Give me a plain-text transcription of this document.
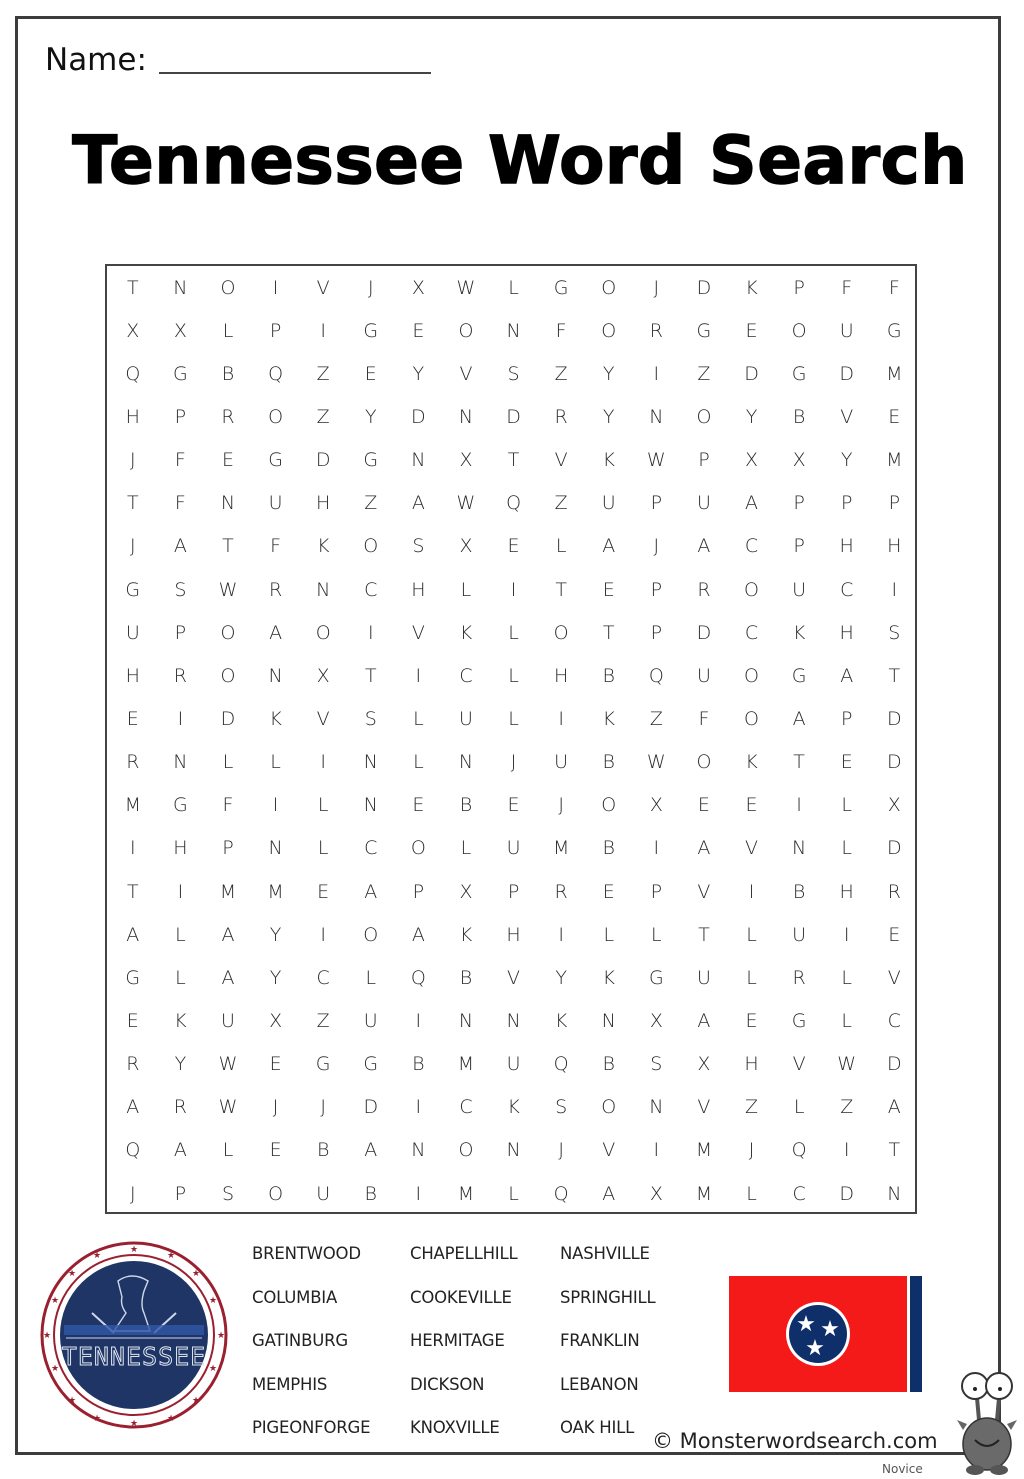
Name:
Tennessee Word Search
T	N	O	I	V	J	X	W	L	G	O	J	D	K	P	F	F
X	X	L	P	I	G	E	O	N	F	O	R	G	E	O	U	G
Q	G	B	Q	Z	E	Y	V	S	Z	Y	I	Z	D	G	D	M
H	P	R	O	Z	Y	D	N	D	R	Y	N	O	Y	B	V	E
J	F	E	G	D	G	N	X	T	V	K	W	P	X	X	Y	M
T	F	N	U	H	Z	A	W	Q	Z	U	P	U	A	P	P	P
J	A	T	F	K	O	S	X	E	L	A	J	A	C	P	H	H
G	S	W	R	N	C	H	L	I	T	E	P	R	O	U	C	I
U	P	O	A	O	I	V	K	L	O	T	P	D	C	K	H	S
H	R	O	N	X	T	I	C	L	H	B	Q	U	O	G	A	T
E	I	D	K	V	S	L	U	L	I	K	Z	F	O	A	P	D
R	N	L	L	I	N	L	N	J	U	B	W	O	K	T	E	D
M	G	F	I	L	N	E	B	E	J	O	X	E	E	I	L	X
I	H	P	N	L	C	O	L	U	M	B	I	A	V	N	L	D
T	I	M	M	E	A	P	X	P	R	E	P	V	I	B	H	R
A	L	A	Y	I	O	A	K	H	I	L	L	T	L	U	I	E
G	L	A	Y	C	L	Q	B	V	Y	K	G	U	L	R	L	V
E	K	U	X	Z	U	I	N	N	K	N	X	A	E	G	L	C
R	Y	W	E	G	G	B	M	U	Q	B	S	X	H	V	W	D
A	R	W	J	J	D	I	C	K	S	O	N	V	Z	L	Z	A
Q	A	L	E	B	A	N	O	N	J	V	I	M	J	Q	I	T
J	P	S	O	U	B	I	M	L	Q	A	X	M	L	C	D	N
BRENTWOOD	CHAPELLHILL	NASHVILLE
COLUMBIA	COOKEVILLE	SPRINGHILL
GATINBURG	HERMITAGE	FRANKLIN
MEMPHIS	DICKSON	LEBANON
PIGEONFORGE	KNOXVILLE	OAK HILL
★
★
★	★
★	★
★	★
★	★
★	★
★	★
★	★
TENNESSEE
★ ★
★
© Monsterwordsearch.com
Novice
